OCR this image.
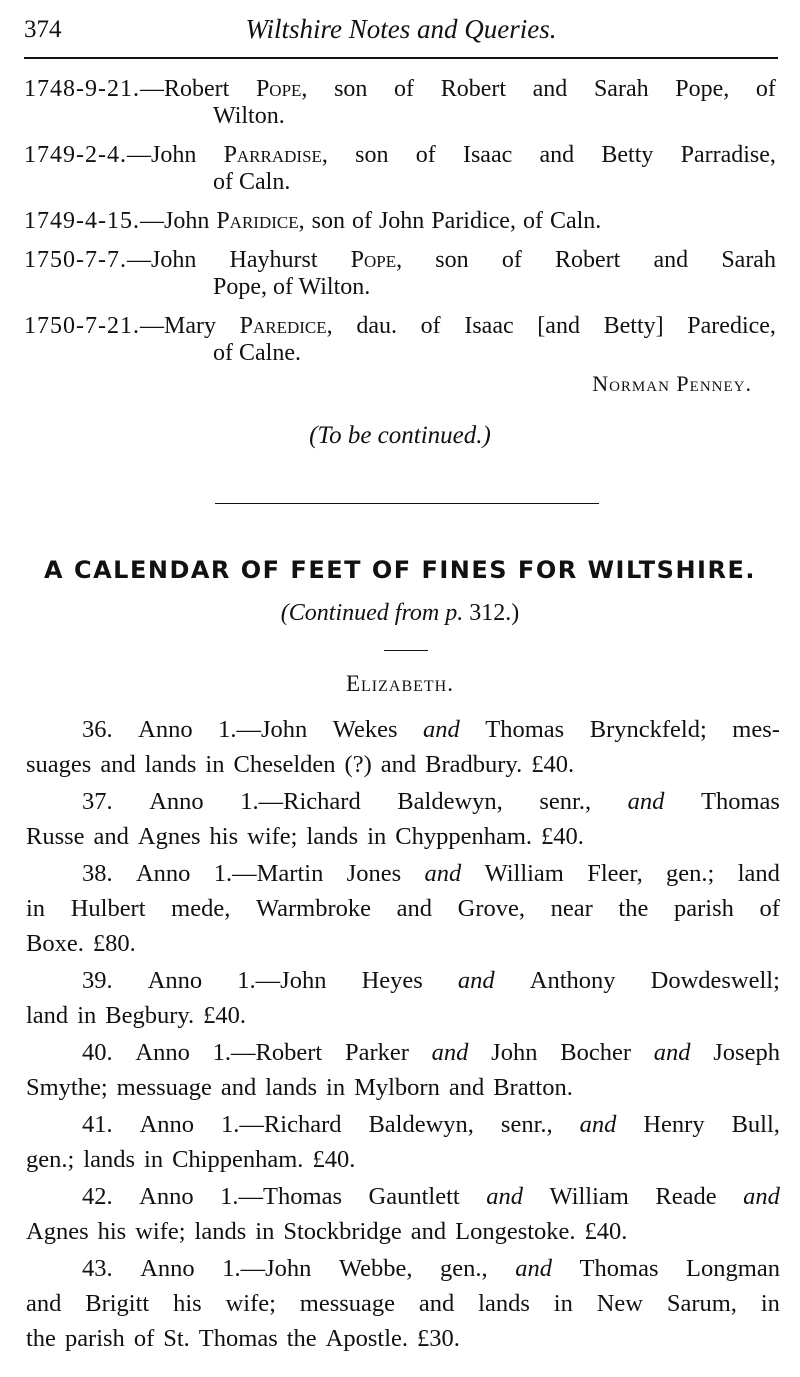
374	Wiltshire Notes and Queries.
1748-9-21. —Robert Pope, son of Robert and Sarah Pope, of
Wilton.
1749-2-4. —John Parradise, son of Isaac and Betty Parradise,
of Caln.
1749-4-15. —John Paridice, son of John Paridice, of Caln.
1750-7-7. —John Hayhurst Pope, son of Robert and Sarah
Pope, of Wilton.
1750-7-21. —Mary Paredice, dau. of Isaac [and Betty] Paredice,
of Calne.
Norman Penney.
(To be continued.)
A CALENDAR OF FEET OF FINES FOR WILTSHIRE.
(Continued from p. 312.)
Elizabeth.
36. Anno 1.—John Wekes and Thomas Brynckfeld; mes-
suages and lands in Cheselden (?) and Bradbury. £40.
37. Anno 1.—Richard Baldewyn, senr., and Thomas
Russe and Agnes his wife; lands in Chyppenham. £40.
38. Anno 1.—Martin Jones and William Fleer, gen.; land
in Hulbert mede, Warmbroke and Grove, near the parish of
Boxe. £80.
39. Anno 1.—John Heyes and Anthony Dowdeswell;
land in Begbury. £40.
40. Anno 1.—Robert Parker and John Bocher and Joseph
Smythe; messuage and lands in Mylborn and Bratton.
41. Anno 1.—Richard Baldewyn, senr., and Henry Bull,
gen.; lands in Chippenham. £40.
42. Anno 1.—Thomas Gauntlett and William Reade and
Agnes his wife; lands in Stockbridge and Longestoke. £40.
43. Anno 1.—John Webbe, gen., and Thomas Longman
and Brigitt his wife; messuage and lands in New Sarum, in
the parish of St. Thomas the Apostle. £30.
